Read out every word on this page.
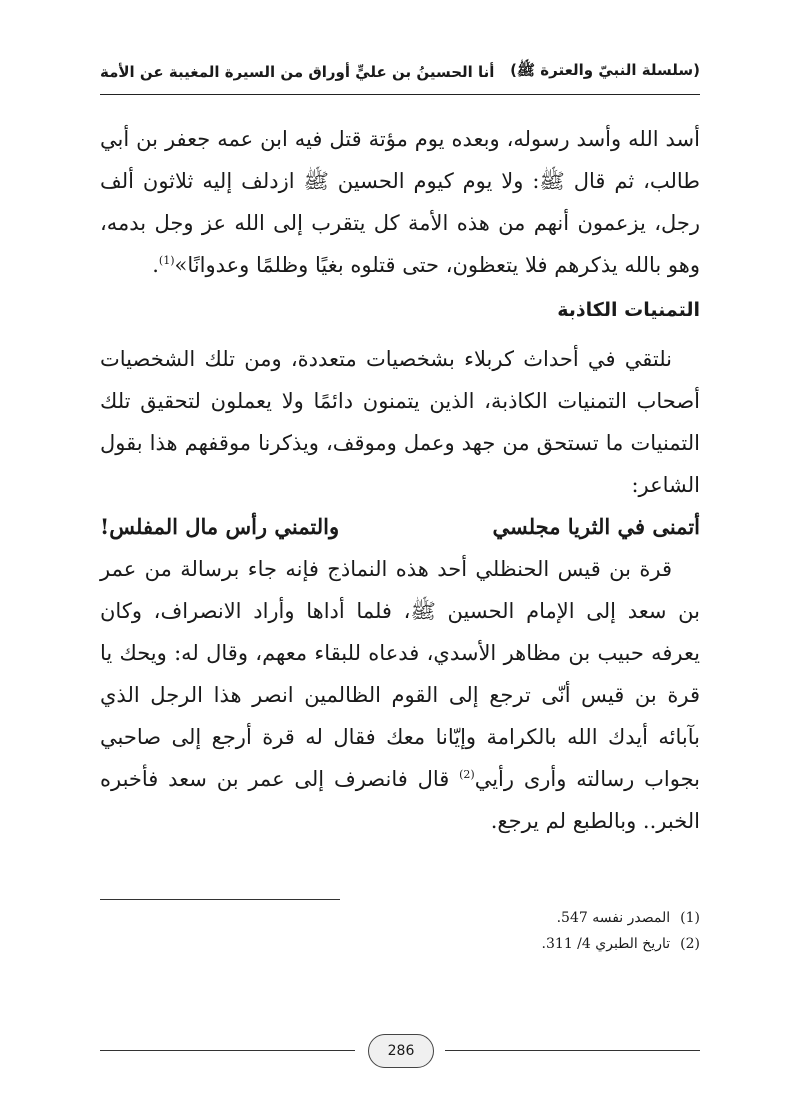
(سلسلة النبيّ والعترة ﷺ)
أنا الحسينُ بن عليٍّ أوراق من السيرة المغيبة عن الأمة

أسد الله وأسد رسوله، وبعده يوم مؤتة قتل فيه ابن عمه جعفر بن أبي طالب، ثم قال ﷺ: ولا يوم كيوم الحسين ﷺ ازدلف إليه ثلاثون ألف رجل، يزعمون أنهم من هذه الأمة كل يتقرب إلى الله عز وجل بدمه، وهو بالله يذكرهم فلا يتعظون، حتى قتلوه بغيًا وظلمًا وعدوانًا»$^{(1)}$.

التمنيات الكاذبة

نلتقي في أحداث كربلاء بشخصيات متعددة، ومن تلك الشخصيات أصحاب التمنيات الكاذبة، الذين يتمنون دائمًا ولا يعملون لتحقيق تلك التمنيات ما تستحق من جهد وعمل وموقف، ويذكرنا موقفهم هذا بقول الشاعر:

أتمنى في الثريا مجلسي
والتمني رأس مال المفلس!

قرة بن قيس الحنظلي أحد هذه النماذج فإنه جاء برسالة من عمر بن سعد إلى الإمام الحسين ﷺ، فلما أداها وأراد الانصراف، وكان يعرفه حبيب بن مظاهر الأسدي، فدعاه للبقاء معهم، وقال له: ويحك يا قرة بن قيس أنّى ترجع إلى القوم الظالمين انصر هذا الرجل الذي بآبائه أيدك الله بالكرامة وإيّانا معك فقال له قرة أرجع إلى صاحبي بجواب رسالته وأرى رأيي$^{(2)}$ قال فانصرف إلى عمر بن سعد فأخبره الخبر.. وبالطبع لم يرجع.

(1)المصدر نفسه 547.
(2)تاريخ الطبري 4/ 311.
286
